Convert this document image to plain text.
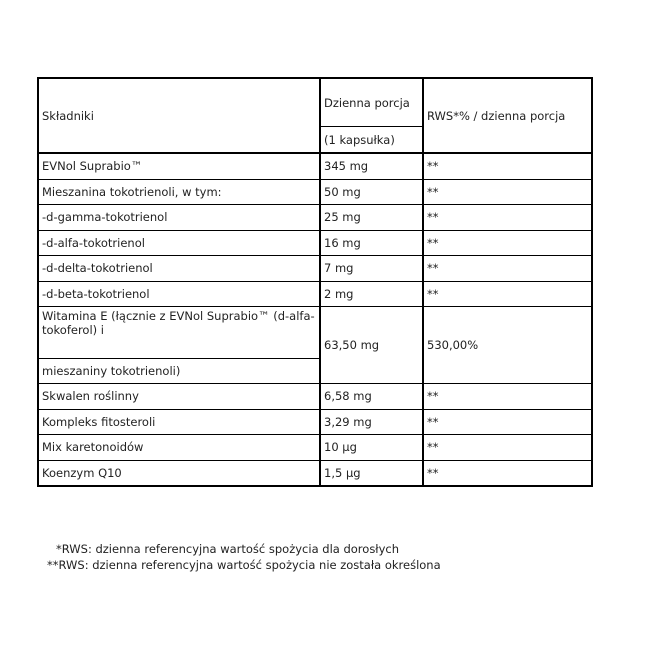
Składniki	Dzienna porcja	RWS*% / dzienna porcja
	(1 kapsułka)	
EVNol Suprabio™	345 mg	**
Mieszanina tokotrienoli, w tym:	50 mg	**
-d-gamma-tokotrienol	25 mg	**
-d-alfa-tokotrienol	16 mg	**
-d-delta-tokotrienol	7 mg	**
-d-beta-tokotrienol	2 mg	**
Witamina E (łącznie z EVNol Suprabio™ (d-alfa-tokoferol) i	63,50 mg	530,00%
mieszaniny tokotrienoli)		
Skwalen roślinny	6,58 mg	**
Kompleks fitosteroli	3,29 mg	**
Mix karetonoidów	10 µg	**
Koenzym Q10	1,5 µg	**
*RWS: dzienna referencyjna wartość spożycia dla dorosłych
**RWS: dzienna referencyjna wartość spożycia nie została określona
